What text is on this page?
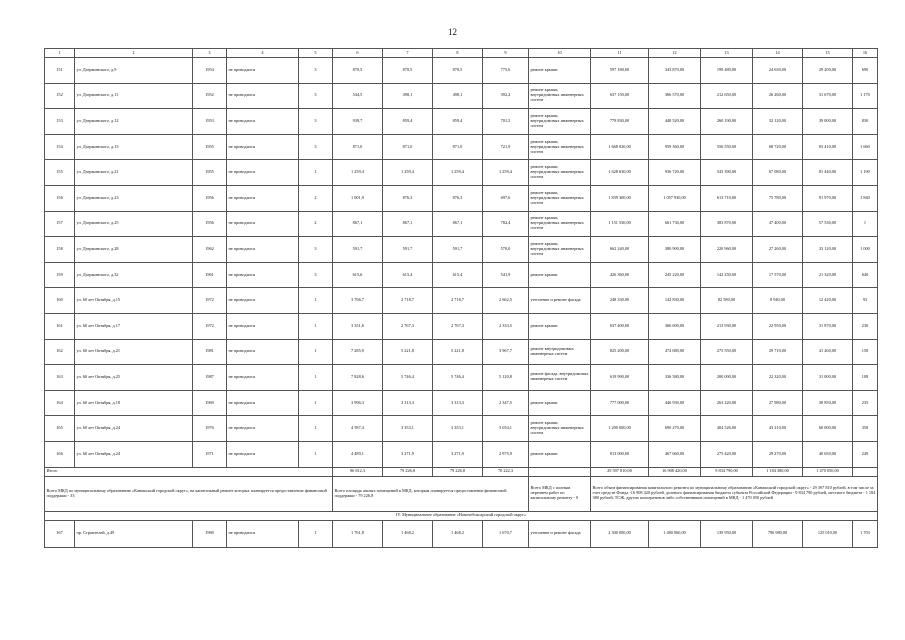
12
1	2	3	4	5	6	7	8	9	10	11	12	13	14	15	16
151	ул. Дзержинского, д.9	1954	не проводился	3	870,5	870,5	870,5	775,6	ремонт крыши	597 180,00	343 870,00	199 480,00	24 630,00	29 200,00	690
152	ул. Дзержинского, д.11	1952	не проводился	3	544,5	498,1	498,1	392,2	ремонт крыши, внутридомовых инженерных систем	637 150,00	366 570,00	212 650,00	26 260,00	31 670,00	1 170
153	ул. Дзержинского, д.12	1953	не проводился	3	939,7	859,4	859,4	701,5	ремонт крыши, внутридомовых инженерных систем	779 830,00	448 520,00	260 190,00	32 120,00	39 000,00	830
154	ул. Дзержинского, д.13	1955	не проводился	3	871,0	871,0	871,0	721,9	ремонт крыши, внутридомовых инженерных систем	1 668 020,00	959 360,00	556 550,00	68 720,00	83 410,00	1 660
155	ул. Дзержинского, д.21	1955	не проводился	1	1 259,4	1 259,4	1 259,4	1 259,4	ремонт крыши, внутридомовых инженерных систем	1 628 630,00	936 720,00	543 390,00	67 080,00	81 440,00	1 190
156	ул. Дзержинского, д.23	1956	не проводился	2	1 001,9	876,3	876,3	697,6	ремонт крыши, внутридомовых инженерных систем	1 839 300,00	1 057 930,00	613 710,00	75 780,00	91 970,00	1 840
157	ул. Дзержинского, д.25	1956	не проводился	2	867,1	867,1	867,1	782,4	ремонт крыши, внутридомовых инженерных систем	1 151 530,00	661 730,00	383 870,00	47 400,00	57 530,00	1
158	ул. Дзержинского, д.28	1962	не проводился	3	591,7	591,7	591,7	570,0	ремонт крыши, внутридомовых инженерных систем	662 240,00	380 900,00	220 960,00	27 260,00	33 120,00	1 000
159	ул. Дзержинского, д.32	1961	не проводился	3	615,6	615,4	615,4	541,9	ремонт крыши	426 360,00	245 220,00	142 250,00	17 570,00	21 320,00	640
160	ул. 60 лет Октября, д.15	1972	не проводился	1	3 766,7	2 718,7	2 718,7	2 662,5	утепление и ремонт фасада	248 330,00	142 830,00	82 580,00	8 940,00	12 420,00	93
161	ул. 60 лет Октября, д.17	1972	не проводился	1	3 351,6	2 767,3	2 767,3	2 333,5	ремонт крыши	637 400,00	366 690,00	213 930,00	22 950,00	31 870,00	230
162	ул. 60 лет Октября, д.21	1981	не проводился	1	7 285,9	5 221,8	5 221,8	3 967,7	ремонт внутридомовых инженерных систем	825 200,00	474 680,00	275 550,00	29 710,00	41 260,00	158
163	ул. 60 лет Октября, д.25	1987	не проводился	1	7 828,6	5 746,4	5 746,4	5 120,8	ремонт фасада, внутридомовых инженерных систем	619 990,00	336 580,00	200 000,00	22 320,00	31 000,00	108
164	ул. 60 лет Октября, д.18	1969	не проводился	1	3 996,3	3 313,3	3 313,3	2 347,5	ремонт крыши	777 000,00	446 930,00	263 220,00	27 980,00	38 850,00	235
165	ул. 60 лет Октября, д.24	1976	не проводился	1	4 587,4	3 353,1	3 353,1	3 054,1	ремонт крыши, внутридомовых инженерных систем	1 200 000,00	690 270,00	404 526,00	43 210,00	60 000,00	358
166	ул. 60 лет Октября, д.24	1971	не проводился	1	4 489,1	3 271,9	3 271,9	2 975,9	ремонт крыши	813 000,00	467 660,00	275 420,00	29 270,00	40 650,00	249
Итого					96 812,3	79 226,8	79 226,8	70 222,3		29 397 810,00	16 908 420,00	9 834 790,00	1 184 380,00	1 470 050,00	
Всего МКД по муниципальному образованию «Канашский городской округ», на капитальный ремонт которых планируется предоставление финансовой поддержки - 33					Всего площадь жилых помещений в МКД, которым планируется предоставление финансовой поддержки - 79 226,8				Всего МКД с полным перечнем работ по капитальному ремонту - 0	Всего объем финансирования капитального ремонта по муниципальному образованию «Канашский городской округ» - 29 397 810 рублей, в том числе за счет средств Фонда -16 908 420 рублей, долевого финансирования бюджета субъекта Российской Федерации - 9 834 790 рублей, местного бюджета - 1 184 380 рублей, ТСЖ, других кооперативов либо собственников помещений в МКД - 1 470 050 рублей					
IV. Муниципальное образование «Новочебоксарский городской округ»															
167	пр. Строителей, д.49	1980	не проводился	1	1 761,8	1 468,2	1 468,2	1 670,7	утепление и ремонт фасада	2 300 000,00	1 480 060,00	139 950,00	796 980,00	125 010,00	1 703
